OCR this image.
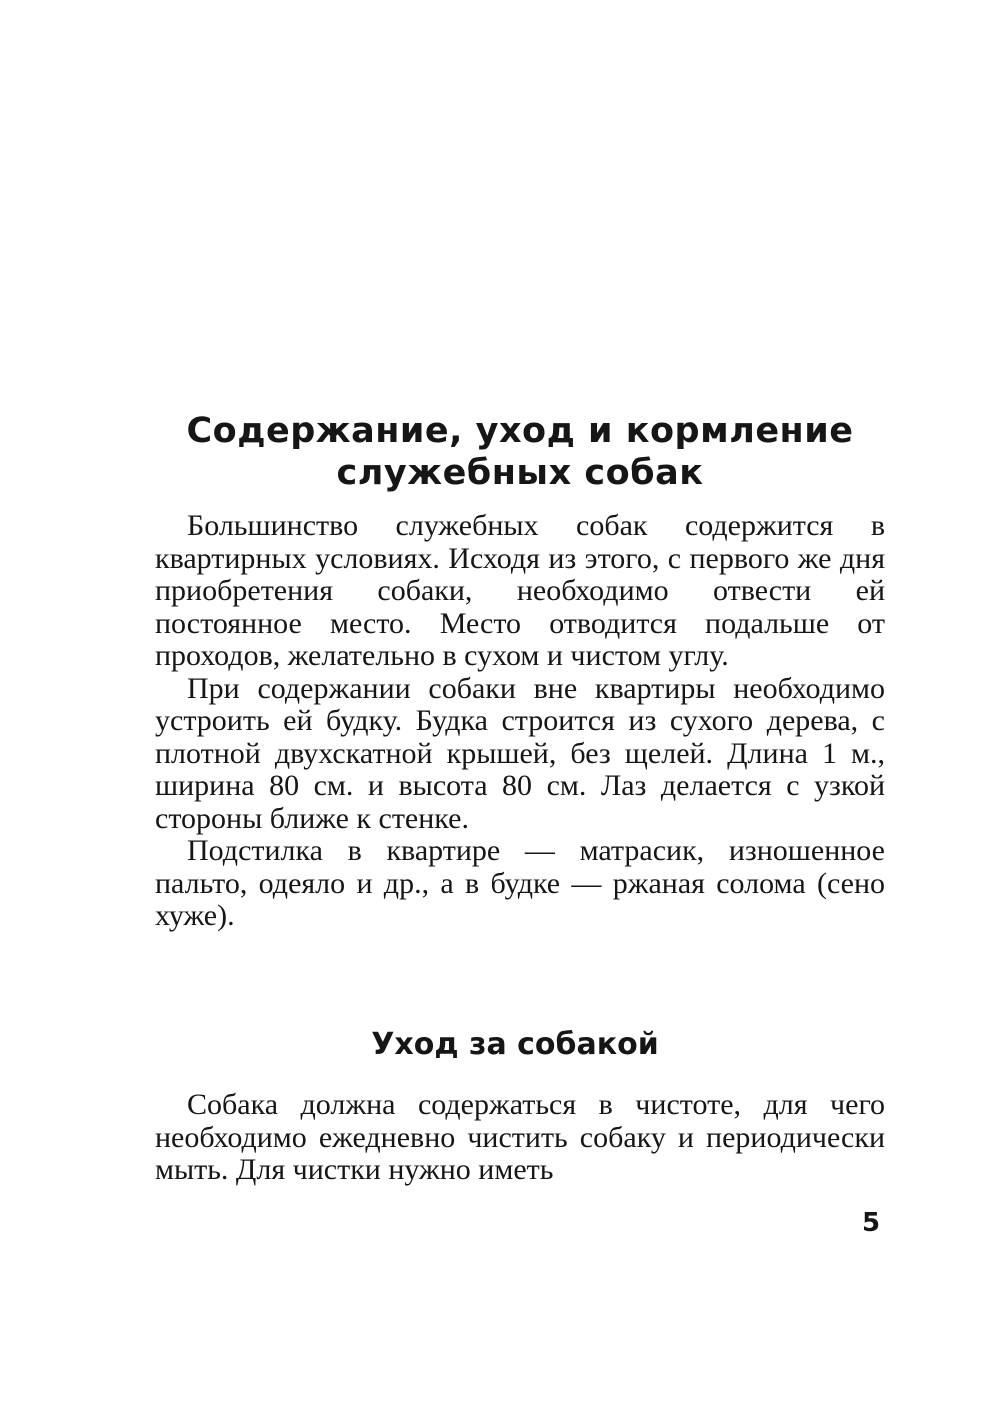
Содержание, уход и кормление
служебных собак

Большинство служебных собак содержится в квартирных условиях. Исходя из этого, с первого же дня приобретения собаки, необходимо отвести ей постоянное место. Место отводится подальше от проходов, желательно в сухом и чистом углу.

При содержании собаки вне квартиры необходимо устроить ей будку. Будка строится из сухого дерева, с плотной двухскатной крышей, без щелей. Длина 1 м., ширина 80 см. и высота 80 см. Лаз делается с узкой стороны ближе к стенке.

Подстилка в квартире — матрасик, изношенное пальто, одеяло и др., а в будке — ржаная солома (сено хуже).

Уход за собакой

Собака должна содержаться в чистоте, для чего необходимо ежедневно чистить собаку и периодически мыть. Для чистки нужно иметь

5
